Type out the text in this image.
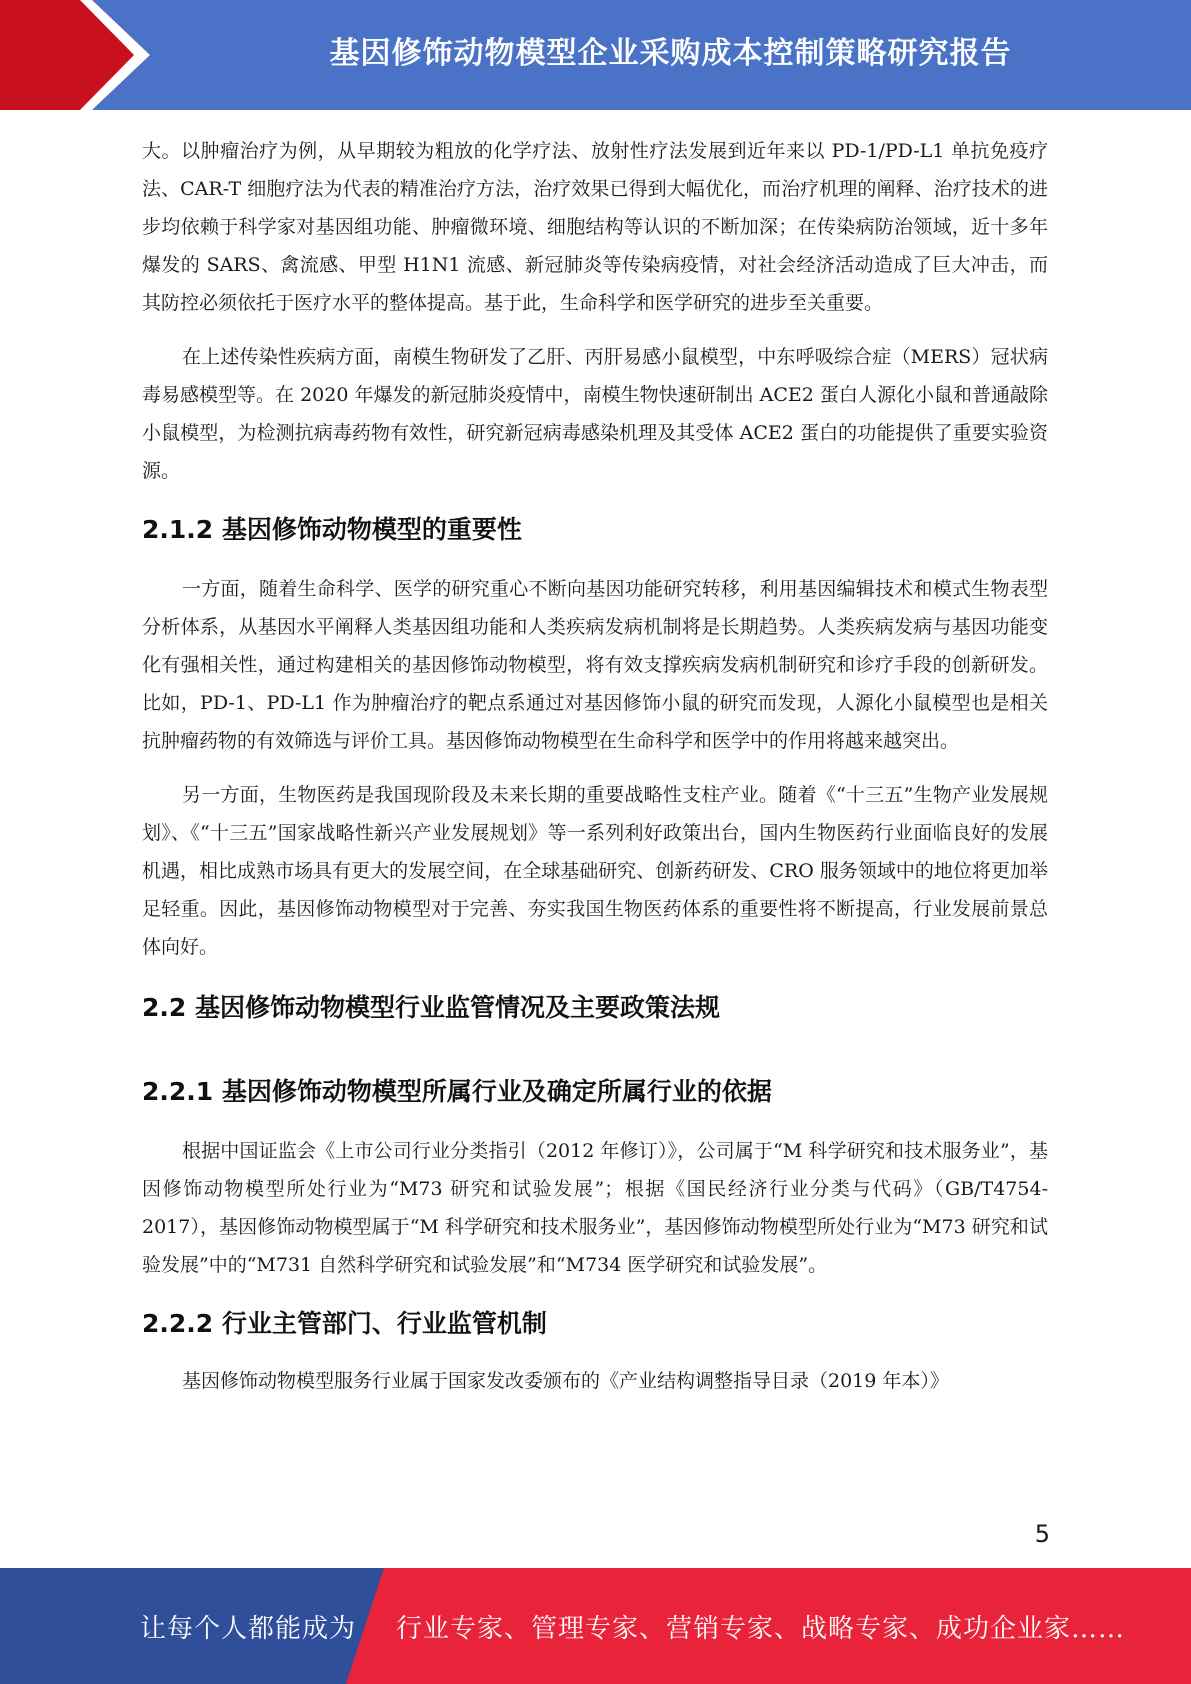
基因修饰动物模型企业采购成本控制策略研究报告

大。以肿瘤治疗为例，从早期较为粗放的化学疗法、放射性疗法发展到近年来以 PD-1/PD-L1 单抗免疫疗法、CAR-T 细胞疗法为代表的精准治疗方法，治疗效果已得到大幅优化，而治疗机理的阐释、治疗技术的进步均依赖于科学家对基因组功能、肿瘤微环境、细胞结构等认识的不断加深；在传染病防治领域，近十多年爆发的 SARS、禽流感、甲型 H1N1 流感、新冠肺炎等传染病疫情，对社会经济活动造成了巨大冲击，而其防控必须依托于医疗水平的整体提高。基于此，生命科学和医学研究的进步至关重要。

在上述传染性疾病方面，南模生物研发了乙肝、丙肝易感小鼠模型，中东呼吸综合症（MERS）冠状病毒易感模型等。在 2020 年爆发的新冠肺炎疫情中，南模生物快速研制出 ACE2 蛋白人源化小鼠和普通敲除小鼠模型，为检测抗病毒药物有效性，研究新冠病毒感染机理及其受体 ACE2 蛋白的功能提供了重要实验资源。

2.1.2 基因修饰动物模型的重要性

一方面，随着生命科学、医学的研究重心不断向基因功能研究转移，利用基因编辑技术和模式生物表型分析体系，从基因水平阐释人类基因组功能和人类疾病发病机制将是长期趋势。人类疾病发病与基因功能变化有强相关性，通过构建相关的基因修饰动物模型，将有效支撑疾病发病机制研究和诊疗手段的创新研发。比如，PD-1、PD-L1 作为肿瘤治疗的靶点系通过对基因修饰小鼠的研究而发现，人源化小鼠模型也是相关抗肿瘤药物的有效筛选与评价工具。基因修饰动物模型在生命科学和医学中的作用将越来越突出。

另一方面，生物医药是我国现阶段及未来长期的重要战略性支柱产业。随着《“十三五”生物产业发展规划》、《“十三五”国家战略性新兴产业发展规划》等一系列利好政策出台，国内生物医药行业面临良好的发展机遇，相比成熟市场具有更大的发展空间，在全球基础研究、创新药研发、CRO 服务领域中的地位将更加举足轻重。因此，基因修饰动物模型对于完善、夯实我国生物医药体系的重要性将不断提高，行业发展前景总体向好。

2.2 基因修饰动物模型行业监管情况及主要政策法规
2.2.1 基因修饰动物模型所属行业及确定所属行业的依据

根据中国证监会《上市公司行业分类指引（2012 年修订）》，公司属于“M 科学研究和技术服务业”，基因修饰动物模型所处行业为“M73 研究和试验发展”；根据《国民经济行业分类与代码》（GB/T4754-2017），基因修饰动物模型属于“M 科学研究和技术服务业”，基因修饰动物模型所处行业为“M73 研究和试验发展”中的“M731 自然科学研究和试验发展”和“M734 医学研究和试验发展”。

2.2.2 行业主管部门、行业监管机制

基因修饰动物模型服务行业属于国家发改委颁布的《产业结构调整指导目录（2019 年本）》

5
让每个人都能成为 行业专家、管理专家、营销专家、战略专家、成功企业家……
